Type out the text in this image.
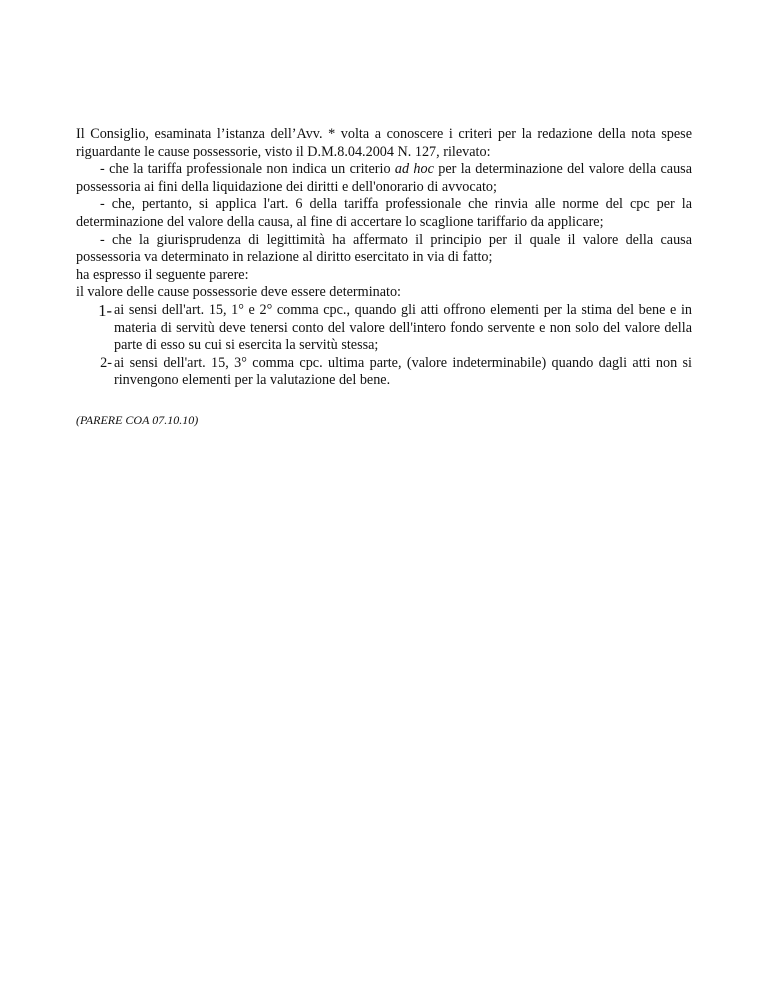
Il Consiglio, esaminata l’istanza dell’Avv. * volta a conoscere i criteri per la redazione della nota spese riguardante le cause possessorie, visto il D.M.8.04.2004 N. 127, rilevato:

- che la tariffa professionale non indica un criterio ad hoc per la determinazione del valore della causa possessoria ai fini della liquidazione dei diritti e dell'onorario di avvocato;

- che, pertanto, si applica l'art. 6 della tariffa professionale che rinvia alle norme del cpc per la determinazione del valore della causa, al fine di accertare lo scaglione tariffario da applicare;

- che la giurisprudenza di legittimità ha affermato il principio per il quale il valore della causa possessoria va determinato in relazione al diritto esercitato in via di fatto;

ha espresso il seguente parere:

il valore delle cause possessorie deve essere determinato:

1- ai sensi dell'art. 15, 1° e 2° comma cpc., quando gli atti offrono elementi per la stima del bene e in materia di servitù deve tenersi conto del valore dell'intero fondo servente e non solo del valore della parte di esso su cui si esercita la servitù stessa;
2- ai sensi dell'art. 15, 3° comma cpc. ultima parte, (valore indeterminabile) quando dagli atti non si rinvengono elementi per la valutazione del bene.

(PARERE COA 07.10.10)
